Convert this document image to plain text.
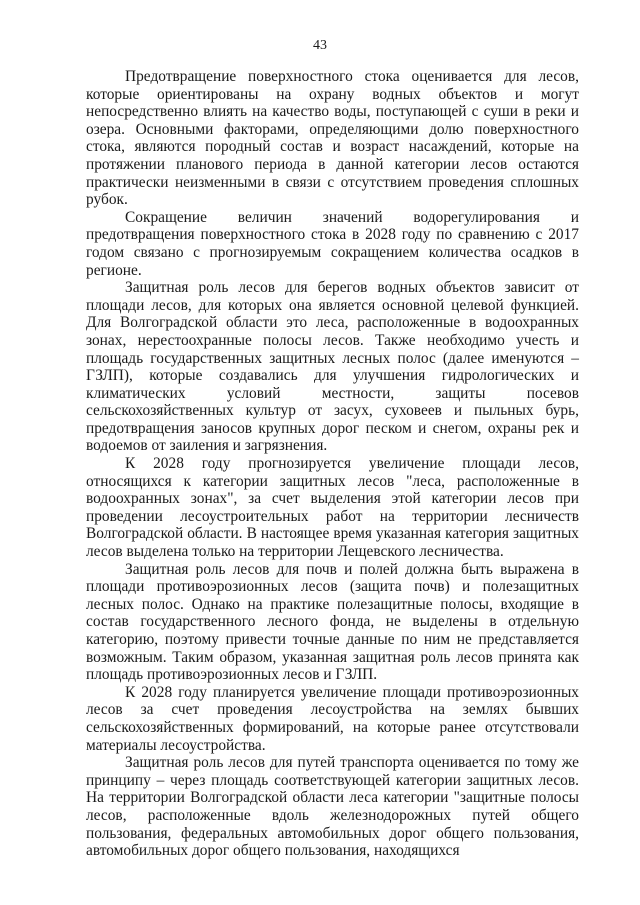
43

Предотвращение поверхностного стока оценивается для лесов, которые ориентированы на охрану водных объектов и могут непосредственно влиять на качество воды, поступающей с суши в реки и озера. Основными факторами, определяющими долю поверхностного стока, являются породный состав и возраст насаждений, которые на протяжении планового периода в данной категории лесов остаются практически неизменными в связи с отсутствием проведения сплошных рубок.

Сокращение величин значений водорегулирования и предотвращения поверхностного стока в 2028 году по сравнению с 2017 годом связано с прогнозируемым сокращением количества осадков в регионе.

Защитная роль лесов для берегов водных объектов зависит от площади лесов, для которых она является основной целевой функцией. Для Волгоградской области это леса, расположенные в водоохранных зонах, нерестоохранные полосы лесов. Также необходимо учесть и площадь государственных защитных лесных полос (далее именуются – ГЗЛП), которые создавались для улучшения гидрологических и климатических условий местности, защиты посевов сельскохозяйственных культур от засух, суховеев и пыльных бурь, предотвращения заносов крупных дорог песком и снегом, охраны рек и водоемов от заиления и загрязнения.

К 2028 году прогнозируется увеличение площади лесов, относящихся к категории защитных лесов "леса, расположенные в водоохранных зонах", за счет выделения этой категории лесов при проведении лесоустроительных работ на территории лесничеств Волгоградской области. В настоящее время указанная категория защитных лесов выделена только на территории Лещевского лесничества.

Защитная роль лесов для почв и полей должна быть выражена в площади противоэрозионных лесов (защита почв) и полезащитных лесных полос. Однако на практике полезащитные полосы, входящие в состав государственного лесного фонда, не выделены в отдельную категорию, поэтому привести точные данные по ним не представляется возможным. Таким образом, указанная защитная роль лесов принята как площадь противоэрозионных лесов и ГЗЛП.

К 2028 году планируется увеличение площади противоэрозионных лесов за счет проведения лесоустройства на землях бывших сельскохозяйственных формирований, на которые ранее отсутствовали материалы лесоустройства.

Защитная роль лесов для путей транспорта оценивается по тому же принципу – через площадь соответствующей категории защитных лесов. На территории Волгоградской области леса категории "защитные полосы лесов, расположенные вдоль железнодорожных путей общего пользования, федеральных автомобильных дорог общего пользования, автомобильных дорог общего пользования, находящихся
